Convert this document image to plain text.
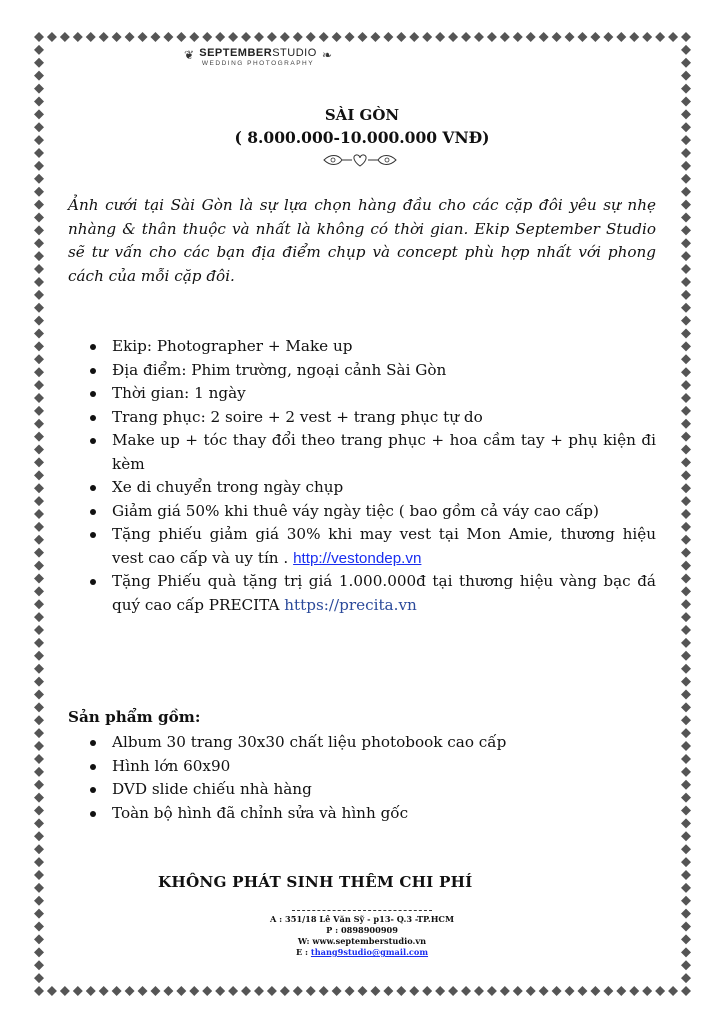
❦ SEPTEMBERSTUDIO
WEDDING PHOTOGRAPHY
❧
SÀI GÒN
( 8.000.000-10.000.000 VNĐ)

Ảnh cưới tại Sài Gòn là sự lựa chọn hàng đầu cho các cặp đôi yêu sự nhẹ nhàng & thân thuộc và nhất là không có thời gian. Ekip September Studio sẽ tư vấn cho các bạn địa điểm chụp và concept phù hợp nhất với phong cách của mỗi cặp đôi.

Ekip: Photographer + Make up
Địa điểm: Phim trường, ngoại cảnh Sài Gòn
Thời gian: 1 ngày
Trang phục: 2 soire + 2 vest + trang phục tự do
Make up + tóc thay đổi theo trang phục + hoa cầm tay + phụ kiện đi kèm
Xe di chuyển trong ngày chụp
Giảm giá 50% khi thuê váy ngày tiệc ( bao gồm cả váy cao cấp)
Tặng phiếu giảm giá 30% khi may vest tại Mon Amie, thương hiệu vest cao cấp và uy tín . http://vestondep.vn
Tặng Phiếu quà tặng trị giá 1.000.000đ tại thương hiệu vàng bạc đá quý cao cấp PRECITA https://precita.vn
Sản phẩm gồm:
Album 30 trang 30x30 chất liệu photobook cao cấp
Hình lớn 60x90
DVD slide chiếu nhà hàng
Toàn bộ hình đã chỉnh sửa và hình gốc
KHÔNG PHÁT SINH THÊM CHI PHÍ
A : 351/18 Lê Văn Sỹ - p13- Q.3 -TP.HCM
P : 0898900909
W: www.septemberstudio.vn
E : thang9studio@gmail.com
